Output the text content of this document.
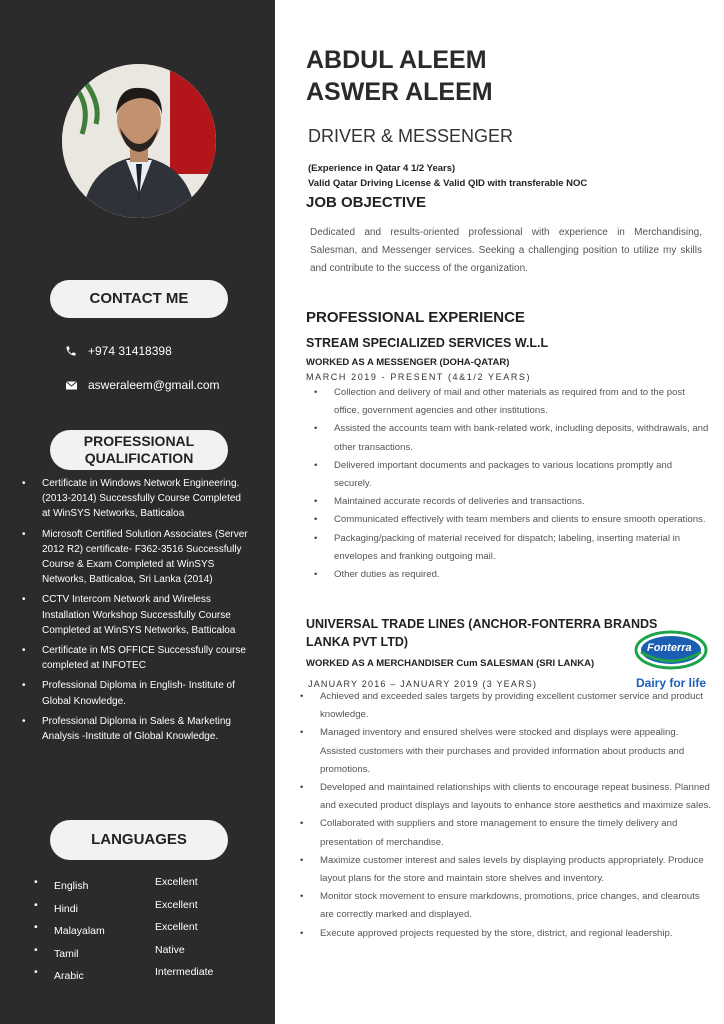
CONTACT ME
+974 31418398
asweraleem@gmail.com
PROFESSIONAL
QUALIFICATION
• Certificate in Windows Network Engineering. (2013-2014) Successfully Course Completed at WinSYS Networks, Batticaloa
• Microsoft Certified Solution Associates (Server 2012 R2) certificate- F362-3516 Successfully Course & Exam Completed at WinSYS Networks, Batticaloa, Sri Lanka (2014)
• CCTV Intercom Network and Wireless Installation Workshop Successfully Course Completed at WinSYS Networks, Batticaloa
• Certificate in MS OFFICE Successfully course completed at INFOTEC
• Professional Diploma in English- Institute of Global Knowledge.
• Professional Diploma in Sales & Marketing Analysis -Institute of Global Knowledge.
LANGUAGES
• English	Excellent
• Hindi	Excellent
• Malayalam	Excellent
• Tamil	Native
• Arabic	Intermediate
ABDUL ALEEM
ASWER ALEEM
DRIVER & MESSENGER
(Experience in Qatar 4 1/2 Years)
Valid Qatar Driving License & Valid QID with transferable NOC
JOB OBJECTIVE
Dedicated and results-oriented professional with experience in Merchandising, Salesman, and Messenger services. Seeking a challenging position to utilize my skills and contribute to the success of the organization.
PROFESSIONAL EXPERIENCE
STREAM SPECIALIZED SERVICES W.L.L
WORKED AS A MESSENGER (DOHA-QATAR)
MARCH 2019 - PRESENT (4&1/2 YEARS)
• Collection and delivery of mail and other materials as required from and to the post office, government agencies and other institutions.
• Assisted the accounts team with bank-related work, including deposits, withdrawals, and other transactions.
• Delivered important documents and packages to various locations promptly and securely.
• Maintained accurate records of deliveries and transactions.
• Communicated effectively with team members and clients to ensure smooth operations.
• Packaging/packing of material received for dispatch; labeling, inserting material in envelopes and franking outgoing mail.
• Other duties as required.
UNIVERSAL TRADE LINES (ANCHOR-FONTERRA BRANDS
LANKA PVT LTD)	Fonterra
Dairy for life
WORKED AS A MERCHANDISER Cum SALESMAN (SRI LANKA)
JANUARY 2016 – JANUARY 2019 (3 YEARS)
• Achieved and exceeded sales targets by providing excellent customer service and product knowledge.
• Managed inventory and ensured shelves were stocked and displays were appealing. Assisted customers with their purchases and provided information about products and promotions.
• Developed and maintained relationships with clients to encourage repeat business. Planned and executed product displays and layouts to enhance store aesthetics and maximize sales.
• Collaborated with suppliers and store management to ensure the timely delivery and presentation of merchandise.
• Maximize customer interest and sales levels by displaying products appropriately. Produce layout plans for the store and maintain store shelves and inventory.
• Monitor stock movement to ensure markdowns, promotions, price changes, and clearouts are correctly marked and displayed.
• Execute approved projects requested by the store, district, and regional leadership.
